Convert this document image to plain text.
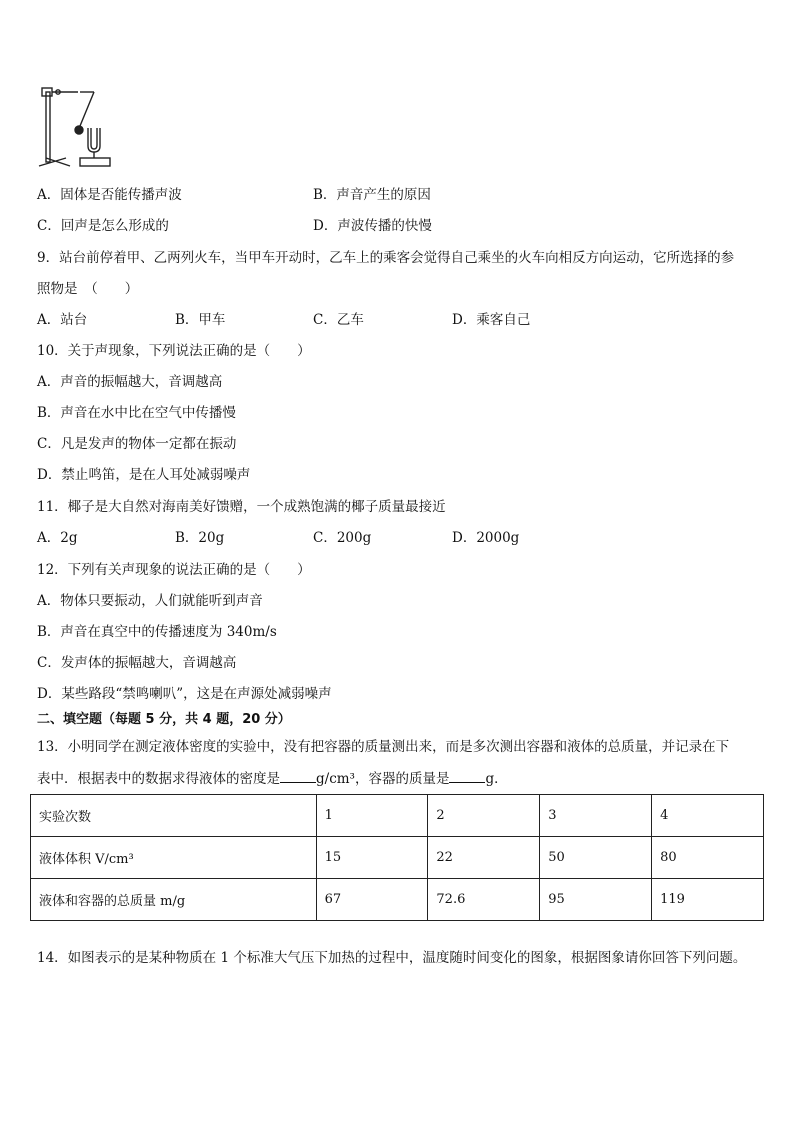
A．固体是否能传播声波	B．声音产生的原因
C．回声是怎么形成的	D．声波传播的快慢
9．站台前停着甲、乙两列火车，当甲车开动时，乙车上的乘客会觉得自己乘坐的火车向相反方向运动，它所选择的参
照物是　（　　）
A．站台	B．甲车	C．乙车	D．乘客自己
10．关于声现象，下列说法正确的是（　　）
A．声音的振幅越大，音调越高
B．声音在水中比在空气中传播慢
C．凡是发声的物体一定都在振动
D．禁止鸣笛，是在人耳处减弱噪声
11．椰子是大自然对海南美好馈赠，一个成熟饱满的椰子质量最接近
A．2g	B．20g	C．200g	D．2000g
12．下列有关声现象的说法正确的是（　　）
A．物体只要振动，人们就能听到声音
B．声音在真空中的传播速度为 340m/s
C．发声体的振幅越大，音调越高
D．某些路段“禁鸣喇叭”，这是在声源处减弱噪声
二、填空题（每题 5 分，共 4 题，20 分）
13．小明同学在测定液体密度的实验中，没有把容器的质量测出来，而是多次测出容器和液体的总质量，并记录在下
表中．根据表中的数据求得液体的密度是	g/cm³，容器的质量是	g．
实验次数	1	2	3	4
液体体积 V/cm³	15	22	50	80
液体和容器的总质量 m/g	67	72.6	95	119
14．如图表示的是某种物质在 1 个标准大气压下加热的过程中，温度随时间变化的图象，根据图象请你回答下列问题。
